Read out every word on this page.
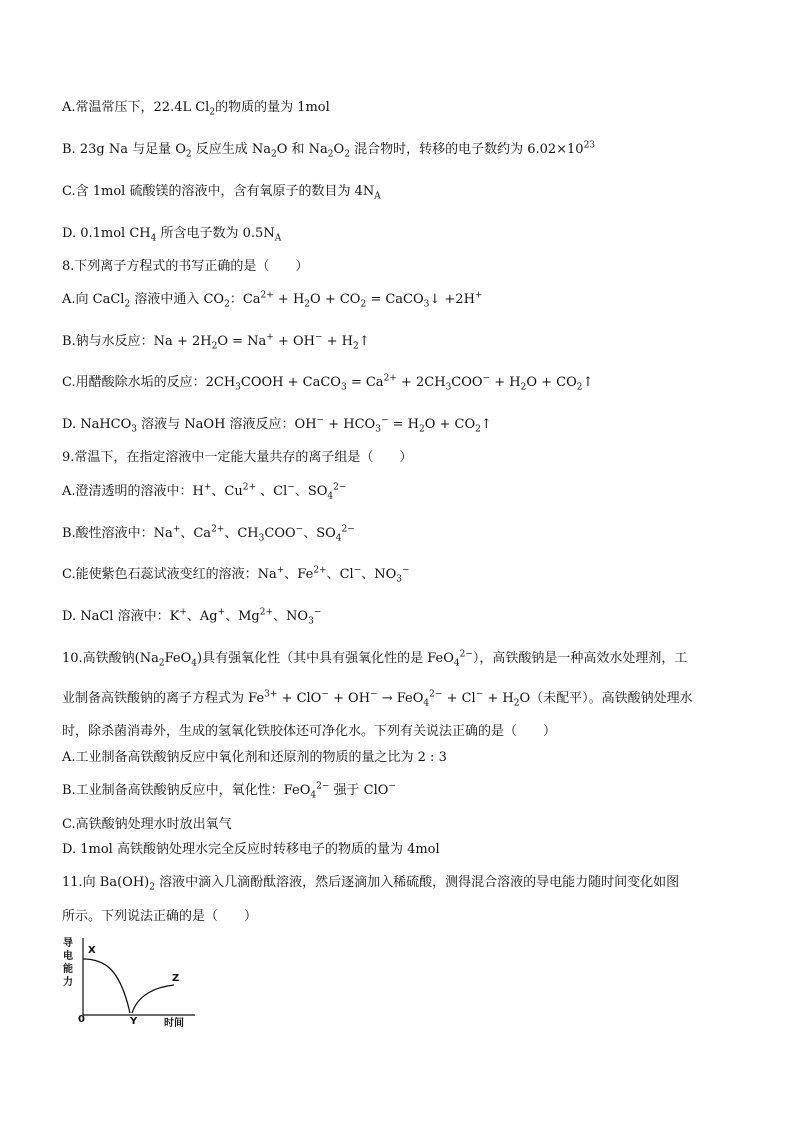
A.常温常压下，22.4L $Cl_2$的物质的量为 1mol
B. 23g Na 与足量 $O_2$ 反应生成 $Na_2O$ 和 $Na_2O_2$ 混合物时，转移的电子数约为 $6.02\times 10^{23}$
C.含 1mol 硫酸镁的溶液中，含有氧原子的数目为 $4N_A$
D. 0.1mol $CH_4$ 所含电子数为 $0.5N_A$
8.下列离子方程式的书写正确的是（　　）
A.向 CaCl$_2$ 溶液中通入 $CO_2$：$Ca^{2+} + H_2O + CO_2$ = CaCO$_3$↓ +2H+
B.钠与水反应：$Na + 2H_2O = Na^+ + OH^-$ + $H_2↑$
C.用醋酸除水垢的反应：$2CH_3COOH$ + CaCO$_3$ = $Ca^{2+} + 2CH_3COO^- + H_2O$ + $CO_2↑$
D. NaHCO$_3$ 溶液与 NaOH 溶液反应：$OH^- + HCO_3^- = H_2O$ + $CO_2↑$
9.常温下，在指定溶液中一定能大量共存的离子组是（　　）
A.澄清透明的溶液中：H+、$Cu^{2+}$ 、Cl−、$SO_4^{2-}$
B.酸性溶液中：Na+、$Ca^{2+}$、$CH_3COO^-$、$SO_4^{2-}$
C.能使紫色石蕊试液变红的溶液：Na+、$Fe^{2+}$、Cl−、$NO_3^-$
D. NaCl 溶液中：K+、Ag+、$Mg^{2+}$、$NO_3^-$
10.高铁酸钠$(Na_2FeO_4)$具有强氧化性（其中具有强氧化性的是 FeO$_4^{2-}$），高铁酸钠是一种高效水处理剂，工
业制备高铁酸钠的离子方程式为 $Fe^{3+} + ClO^- + OH^- \to FeO_4^{2-} + Cl^- + H_2O$（未配平）。高铁酸钠处理水
时，除杀菌消毒外，生成的氢氧化铁胶体还可净化水。下列有关说法正确的是（　　）
A.工业制备高铁酸钠反应中氧化剂和还原剂的物质的量之比为 2 : 3
B.工业制备高铁酸钠反应中，氧化性：FeO$_4^{2-}$ 强于 ClO−
C.高铁酸钠处理水时放出氧气
D. 1mol 高铁酸钠处理水完全反应时转移电子的物质的量为 4mol
11.向 $Ba(OH)_2$ 溶液中滴入几滴酚酞溶液，然后逐滴加入稀硫酸，测得混合溶液的导电能力随时间变化如图
所示。下列说法正确的是（　　）
导
电
能
力
X
Z
Y
0	时间
